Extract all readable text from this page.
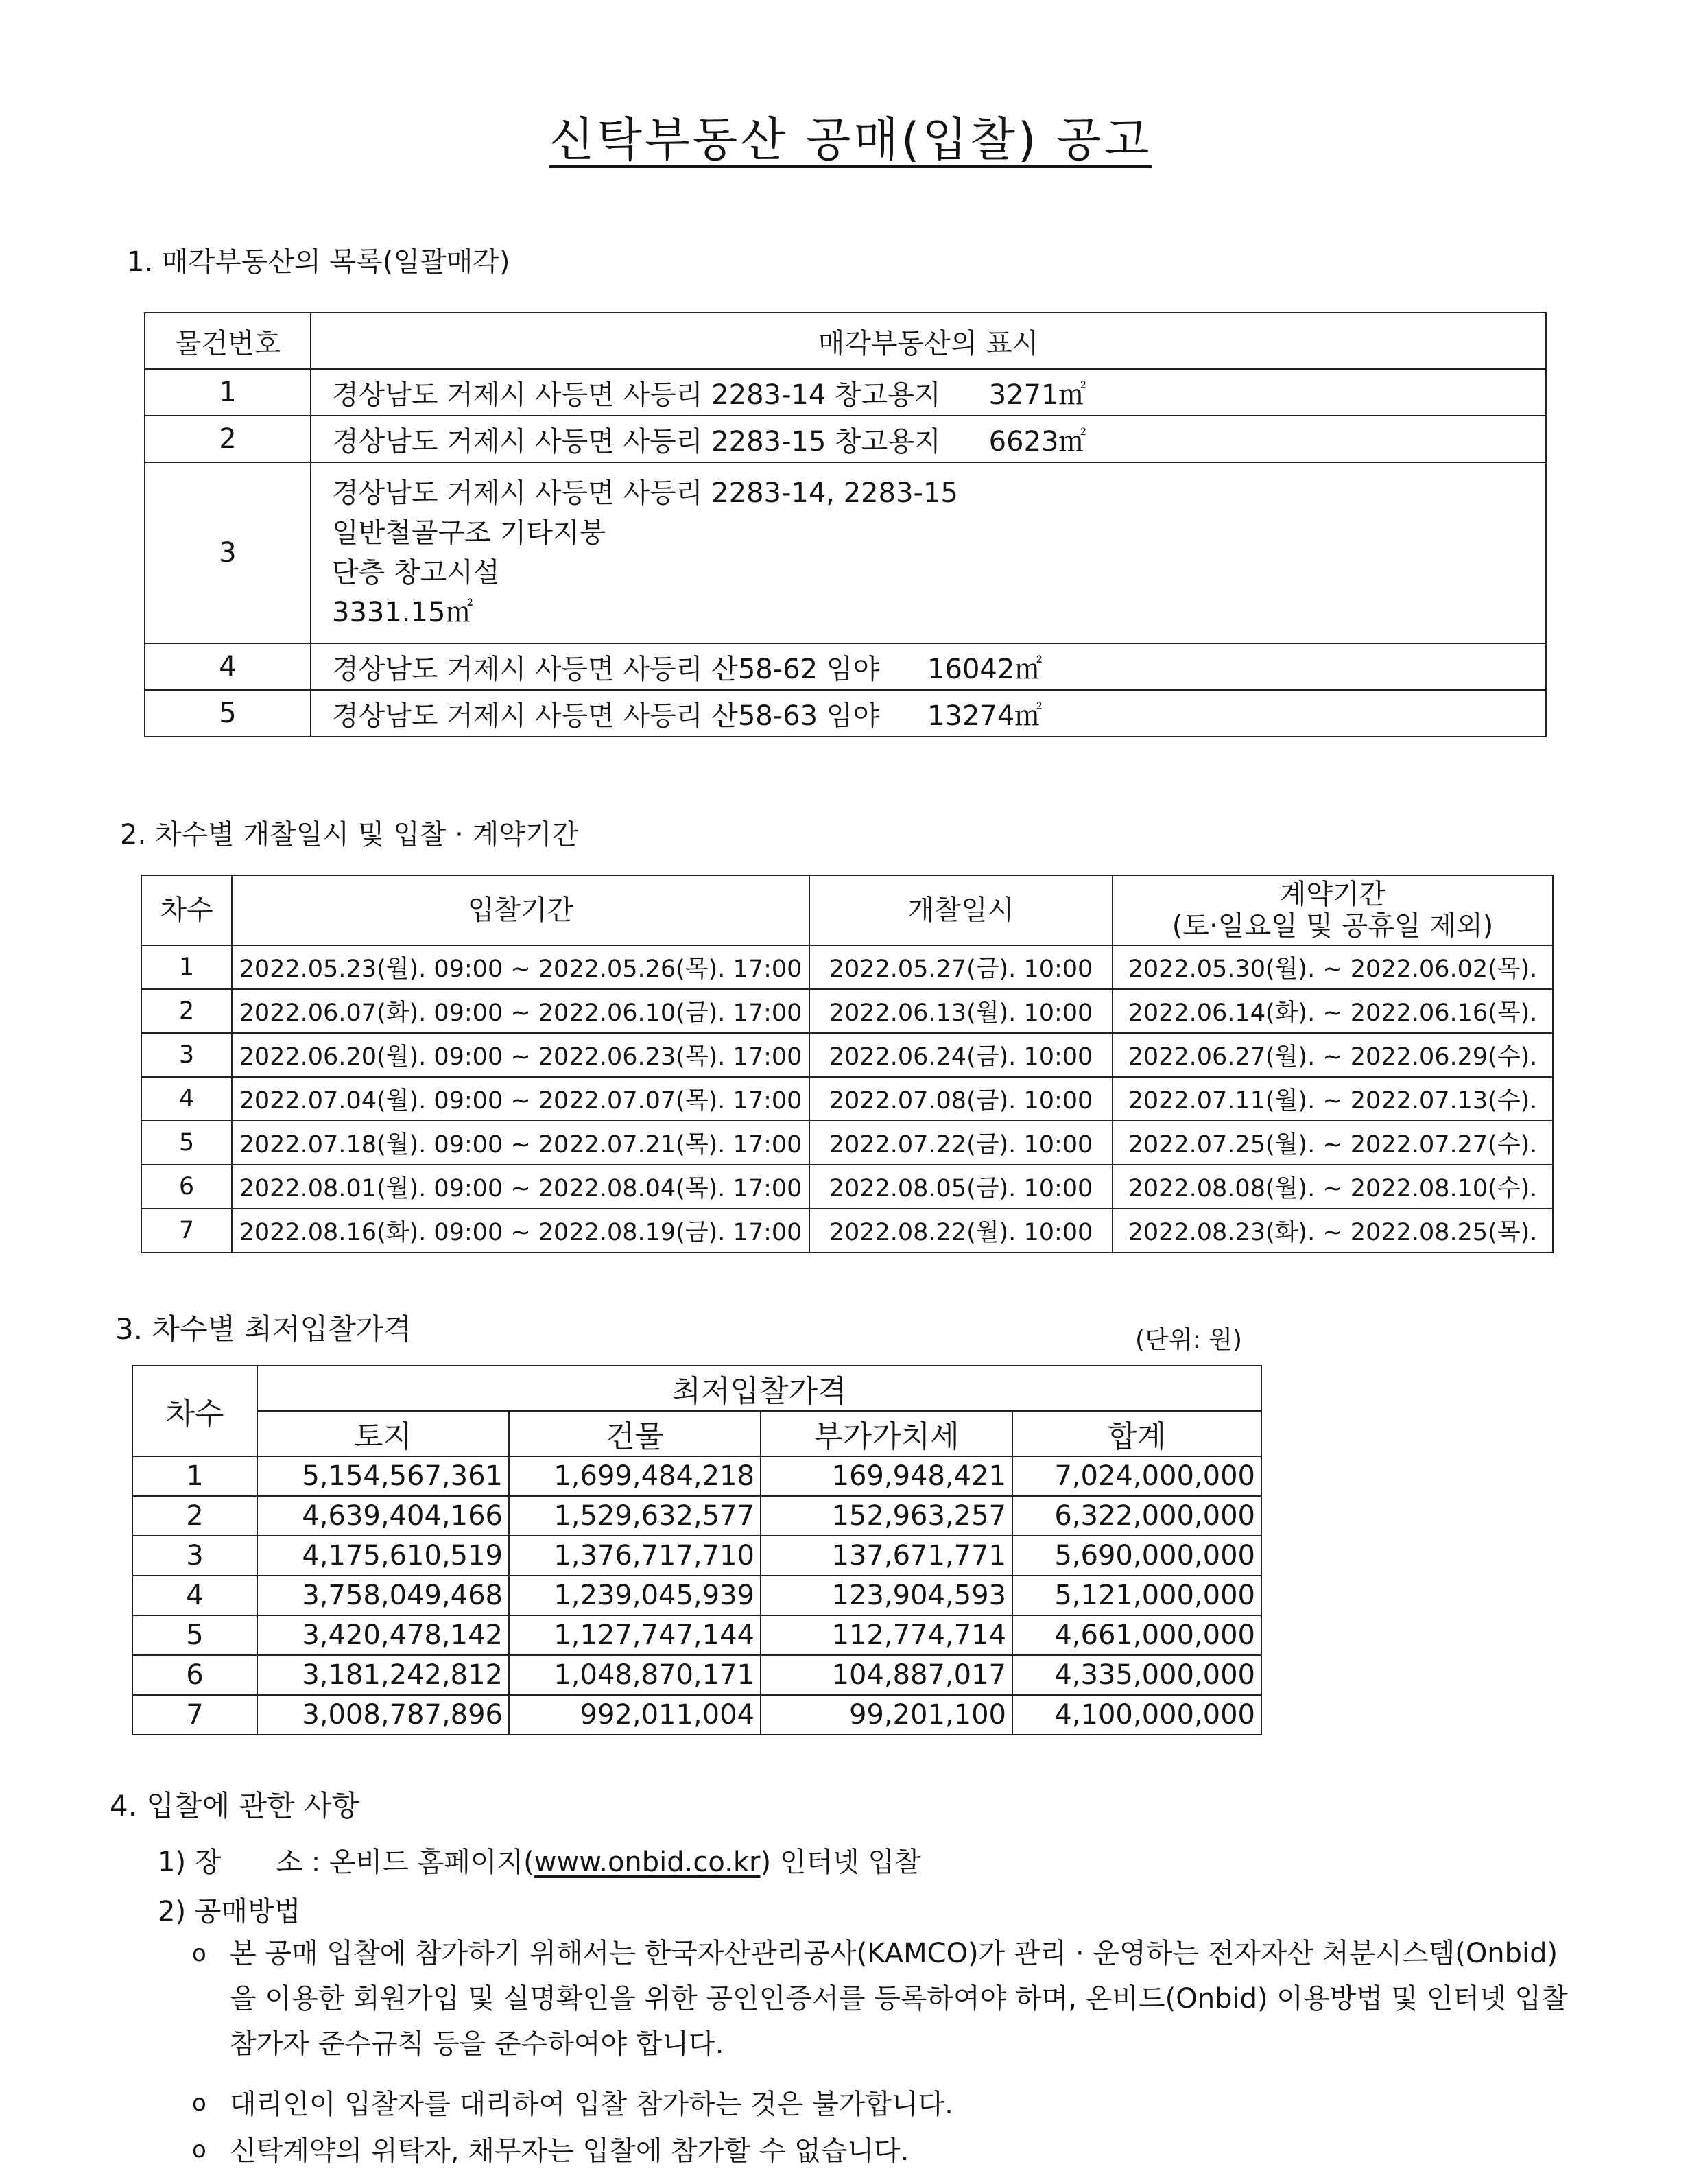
신탁부동산 공매(입찰) 공고
1. 매각부동산의 목록(일괄매각)
물건번호	매각부동산의 표시
1	경상남도 거제시 사등면 사등리 2283-14 창고용지 3271㎡
2	경상남도 거제시 사등면 사등리 2283-15 창고용지 6623㎡
3	경상남도 거제시 사등면 사등리 2283-14, 2283-15
일반철골구조 기타지붕
단층 창고시설
3331.15㎡

4	경상남도 거제시 사등면 사등리 산58-62 임야 16042㎡
5	경상남도 거제시 사등면 사등리 산58-63 임야 13274㎡
2. 차수별 개찰일시 및 입찰 · 계약기간
차수	입찰기간	개찰일시	계약기간
(토·일요일 및 공휴일 제외)

1	2022.05.23(월). 09:00 ~ 2022.05.26(목). 17:00	2022.05.27(금). 10:00	2022.05.30(월). ~ 2022.06.02(목).
2	2022.06.07(화). 09:00 ~ 2022.06.10(금). 17:00	2022.06.13(월). 10:00	2022.06.14(화). ~ 2022.06.16(목).
3	2022.06.20(월). 09:00 ~ 2022.06.23(목). 17:00	2022.06.24(금). 10:00	2022.06.27(월). ~ 2022.06.29(수).
4	2022.07.04(월). 09:00 ~ 2022.07.07(목). 17:00	2022.07.08(금). 10:00	2022.07.11(월). ~ 2022.07.13(수).
5	2022.07.18(월). 09:00 ~ 2022.07.21(목). 17:00	2022.07.22(금). 10:00	2022.07.25(월). ~ 2022.07.27(수).
6	2022.08.01(월). 09:00 ~ 2022.08.04(목). 17:00	2022.08.05(금). 10:00	2022.08.08(월). ~ 2022.08.10(수).
7	2022.08.16(화). 09:00 ~ 2022.08.19(금). 17:00	2022.08.22(월). 10:00	2022.08.23(화). ~ 2022.08.25(목).
3. 차수별 최저입찰가격	(단위: 원)
차수	최저입찰가격			
	토지	건물	부가가치세	합계
1	5,154,567,361	1,699,484,218	169,948,421	7,024,000,000
2	4,639,404,166	1,529,632,577	152,963,257	6,322,000,000
3	4,175,610,519	1,376,717,710	137,671,771	5,690,000,000
4	3,758,049,468	1,239,045,939	123,904,593	5,121,000,000
5	3,420,478,142	1,127,747,144	112,774,714	4,661,000,000
6	3,181,242,812	1,048,870,171	104,887,017	4,335,000,000
7	3,008,787,896	992,011,004	99,201,100	4,100,000,000
4. 입찰에 관한 사항
1) 장　　소 : 온비드 홈페이지(www.onbid.co.kr) 인터넷 입찰
2) 공매방법
o 본 공매 입찰에 참가하기 위해서는 한국자산관리공사(KAMCO)가 관리 · 운영하는 전자자산 처분시스템(Onbid)을 이용한 회원가입 및 실명확인을 위한 공인인증서를 등록하여야 하며, 온비드(Onbid) 이용방법 및 인터넷 입찰참가자 준수규칙 등을 준수하여야 합니다.
o 대리인이 입찰자를 대리하여 입찰 참가하는 것은 불가합니다.
o 신탁계약의 위탁자, 채무자는 입찰에 참가할 수 없습니다.
